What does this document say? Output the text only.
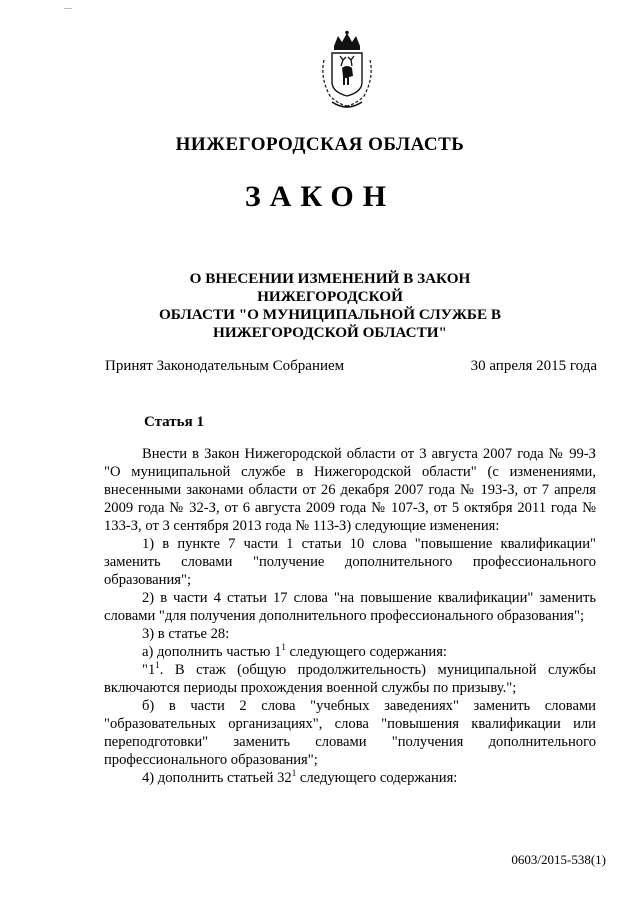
НИЖЕГОРОДСКАЯ ОБЛАСТЬ
ЗАКОН
О ВНЕСЕНИИ ИЗМЕНЕНИЙ В ЗАКОН НИЖЕГОРОДСКОЙ
ОБЛАСТИ "О МУНИЦИПАЛЬНОЙ СЛУЖБЕ В
НИЖЕГОРОДСКОЙ ОБЛАСТИ"
Принят Законодательным Собранием	30 апреля 2015 года
Статья 1

Внести в Закон Нижегородской области от 3 августа 2007 года № 99-З "О муниципальной службе в Нижегородской области" (с изменениями, внесенными законами области от 26 декабря 2007 года № 193-З, от 7 апреля 2009 года № 32-З, от 6 августа 2009 года № 107-З, от 5 октября 2011 года № 133-З, от 3 сентября 2013 года № 113-З) следующие изменения:

1) в пункте 7 части 1 статьи 10 слова "повышение квалификации" заменить словами "получение дополнительного профессионального образования";

2) в части 4 статьи 17 слова "на повышение квалификации" заменить словами "для получения дополнительного профессионального образования";

3) в статье 28:

а) дополнить частью $1^1$ следующего содержания:

"$1^1$. В стаж (общую продолжительность) муниципальной службы включаются периоды прохождения военной службы по призыву.";

б) в части 2 слова "учебных заведениях" заменить словами "образовательных организациях", слова "повышения квалификации или переподготовки" заменить словами "получения дополнительного профессионального образования";

4) дополнить статьей $32^1$ следующего содержания:

0603/2015-538(1)
